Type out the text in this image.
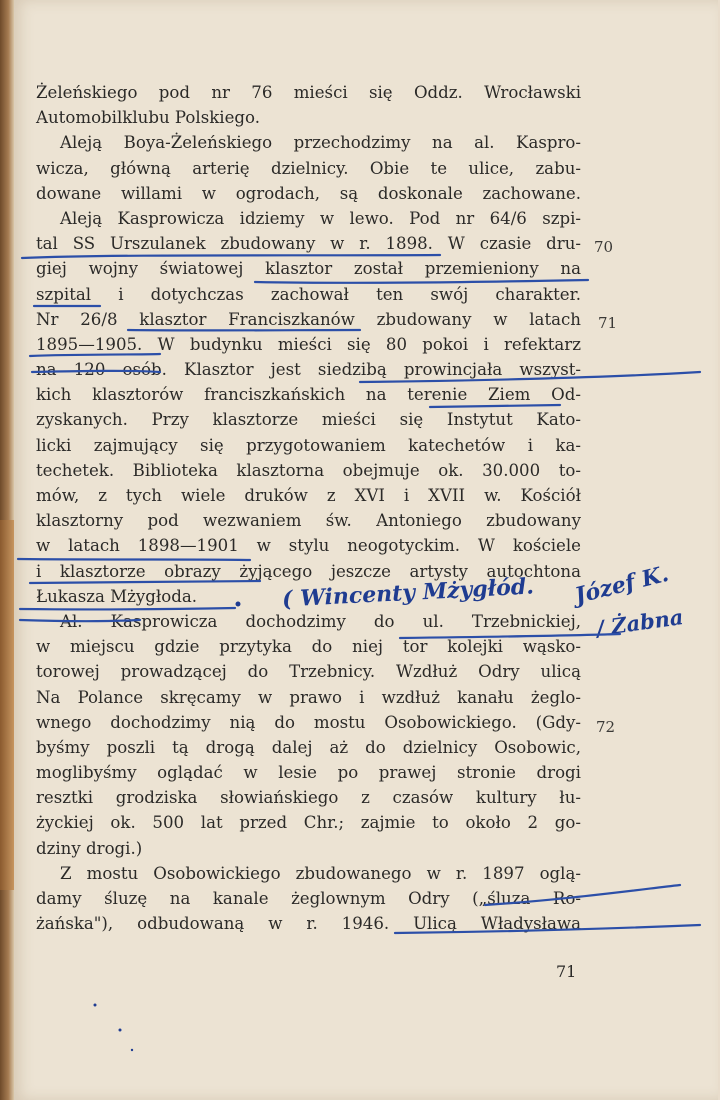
Żeleńskiego pod nr 76 mieści się Oddz. Wrocławski
Automobilklubu Polskiego.
Aleją Boya-Żeleńskiego przechodzimy na al. Kaspro-
wicza, główną arterię dzielnicy. Obie te ulice, zabu-
dowane willami w ogrodach, są doskonale zachowane.
Aleją Kasprowicza idziemy w lewo. Pod nr 64/6 szpi-
tal SS Urszulanek zbudowany w r. 1898. W czasie dru-
giej wojny światowej klasztor został przemieniony na
szpital i dotychczas zachował ten swój charakter.
Nr 26/8 klasztor Franciszkanów zbudowany w latach
1895—1905. W budynku mieści się 80 pokoi i refektarz
na 120 osób. Klasztor jest siedzibą prowincjała wszyst-
kich klasztorów franciszkańskich na terenie Ziem Od-
zyskanych. Przy klasztorze mieści się Instytut Kato-
licki zajmujący się przygotowaniem katechetów i ka-
techetek. Biblioteka klasztorna obejmuje ok. 30.000 to-
mów, z tych wiele druków z XVI i XVII w. Kościół
klasztorny pod wezwaniem św. Antoniego zbudowany
w latach 1898—1901 w stylu neogotyckim. W kościele
i klasztorze obrazy żyjącego jeszcze artysty autochtona
Łukasza Mżygłoda.
Al. Kasprowicza dochodzimy do ul. Trzebnickiej,
w miejscu gdzie przytyka do niej tor kolejki wąsko-
torowej prowadzącej do Trzebnicy. Wzdłuż Odry ulicą
Na Polance skręcamy w prawo i wzdłuż kanału żeglo-
wnego dochodzimy nią do mostu Osobowickiego. (Gdy-
byśmy poszli tą drogą dalej aż do dzielnicy Osobowic,
moglibyśmy oglądać w lesie po prawej stronie drogi
resztki grodziska słowiańskiego z czasów kultury łu-
życkiej ok. 500 lat przed Chr.; zajmie to około 2 go-
dziny drogi.)
Z mostu Osobowickiego zbudowanego w r. 1897 oglą-
damy śluzę na kanale żeglownym Odry („śluza Ro-
żańska"), odbudowaną w r. 1946. Ulicą Władysława
70
71
72
71
( Wincenty Mżygłód. Józef K.
/ Żabna
